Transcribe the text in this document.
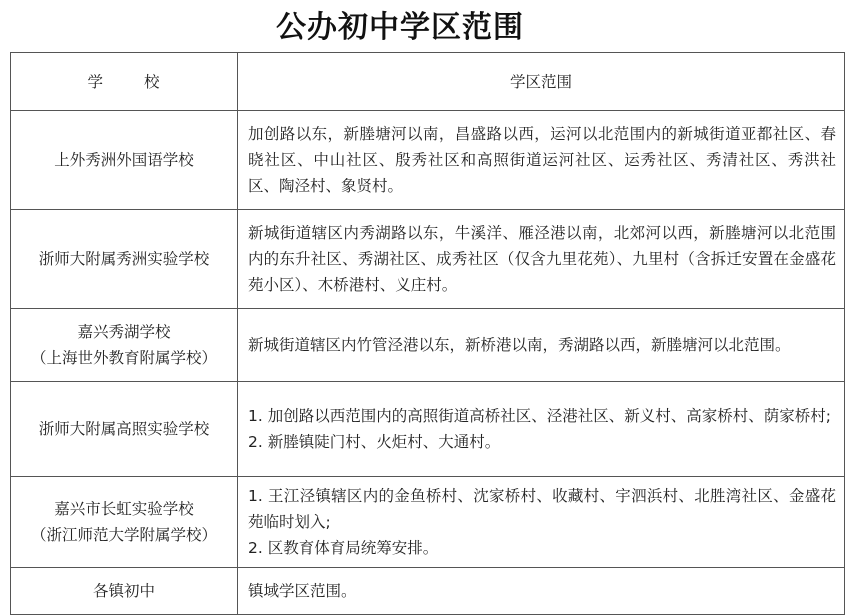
公办初中学区范围
学 校	学区范围

上外秀洲外国语学校	加创路以东，新塍塘河以南，昌盛路以西，运河以北范围内的新城街道亚都社区、春晓社区、中山社区、殷秀社区和高照街道运河社区、运秀社区、秀清社区、秀洪社区、陶泾村、象贤村。

浙师大附属秀洲实验学校	新城街道辖区内秀湖路以东，牛溪洋、雁泾港以南，北郊河以西，新塍塘河以北范围内的东升社区、秀湖社区、成秀社区（仅含九里花苑）、九里村（含拆迁安置在金盛花苑小区）、木桥港村、义庄村。

嘉兴秀湖学校
（上海世外教育附属学校）	新城街道辖区内竹管泾港以东，新桥港以南，秀湖路以西，新塍塘河以北范围。

浙师大附属高照实验学校	1. 加创路以西范围内的高照街道高桥社区、泾港社区、新义村、高家桥村、荫家桥村;
2. 新塍镇陡门村、火炬村、大通村。

嘉兴市长虹实验学校
（浙江师范大学附属学校）	1. 王江泾镇辖区内的金鱼桥村、沈家桥村、收藏村、宇泗浜村、北胜湾社区、金盛花苑临时划入;
2. 区教育体育局统筹安排。

各镇初中	镇域学区范围。
